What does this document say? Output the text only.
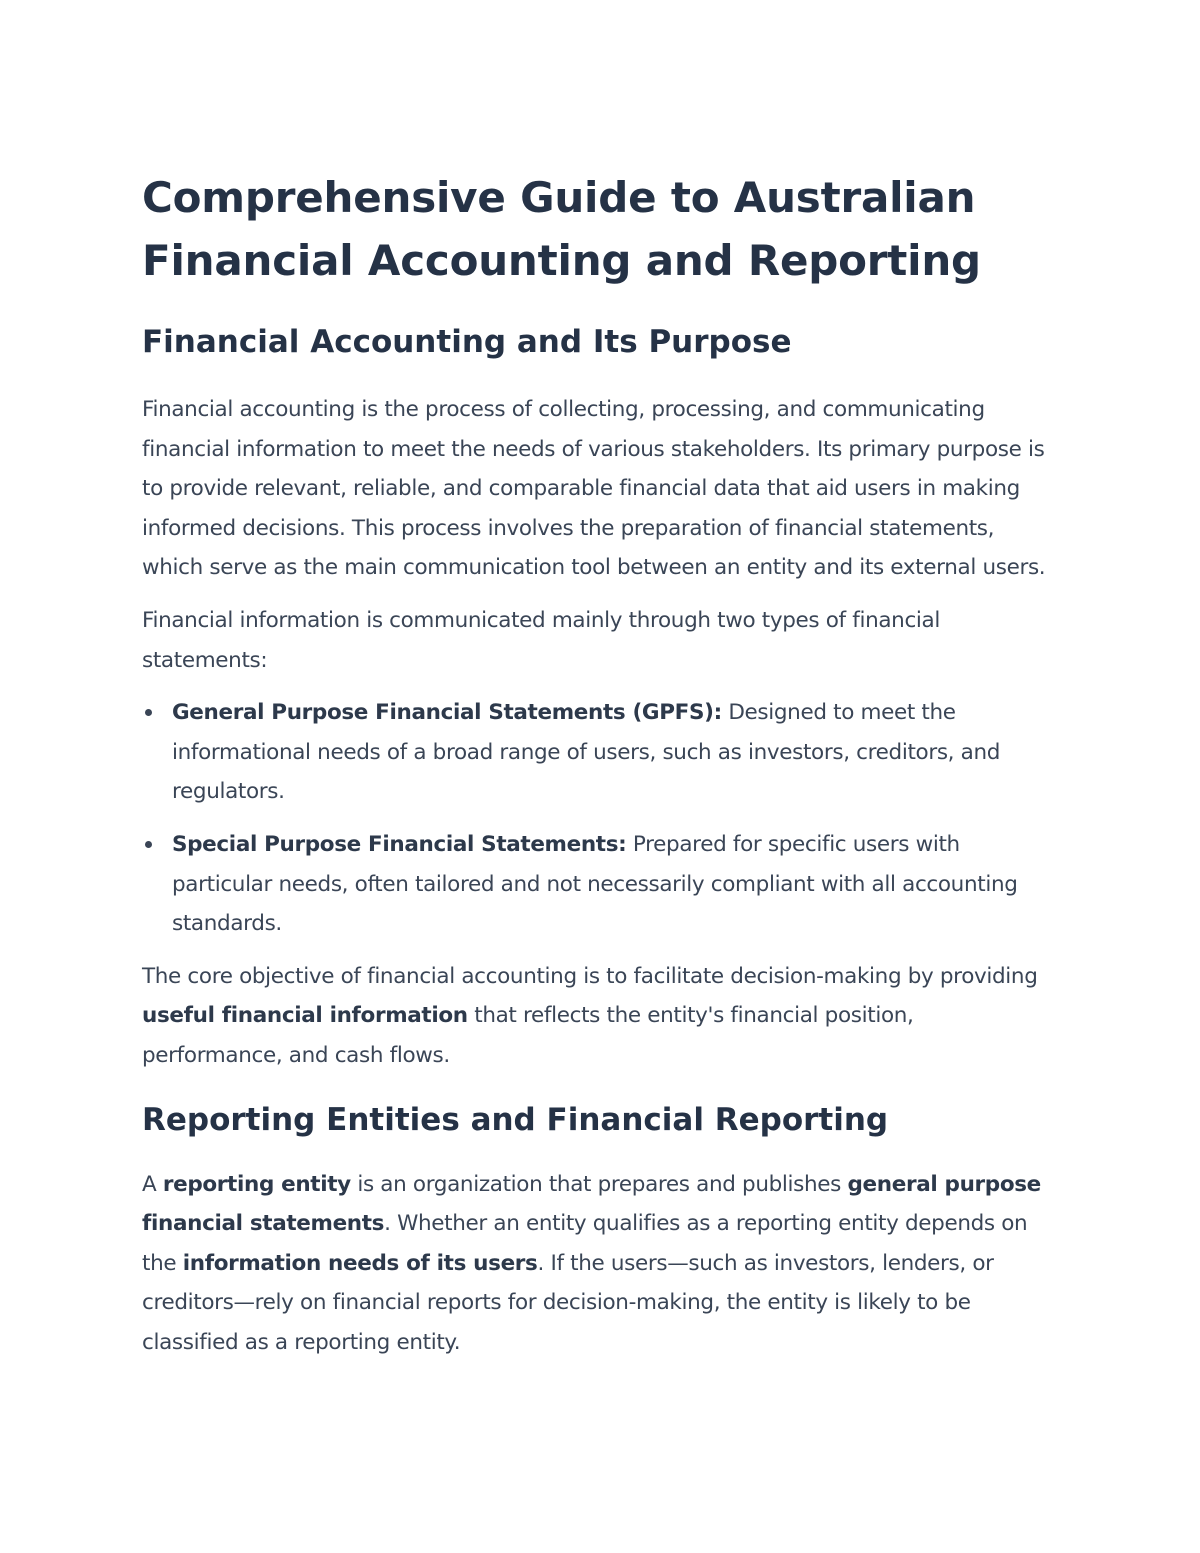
Comprehensive Guide to Australian
Financial Accounting and Reporting
Financial Accounting and Its Purpose

Financial accounting is the process of collecting, processing, and communicating financial information to meet the needs of various stakeholders. Its primary purpose is to provide relevant, reliable, and comparable financial data that aid users in making informed decisions. This process involves the preparation of financial statements, which serve as the main communication tool between an entity and its external users.

Financial information is communicated mainly through two types of financial statements:

General Purpose Financial Statements (GPFS): Designed to meet the informational needs of a broad range of users, such as investors, creditors, and regulators.
Special Purpose Financial Statements: Prepared for specific users with particular needs, often tailored and not necessarily compliant with all accounting standards.

The core objective of financial accounting is to facilitate decision-making by providing useful financial information that reflects the entity's financial position, performance, and cash flows.

Reporting Entities and Financial Reporting

A reporting entity is an organization that prepares and publishes general purpose financial statements. Whether an entity qualifies as a reporting entity depends on the information needs of its users. If the users—such as investors, lenders, or creditors—rely on financial reports for decision-making, the entity is likely to be classified as a reporting entity.
